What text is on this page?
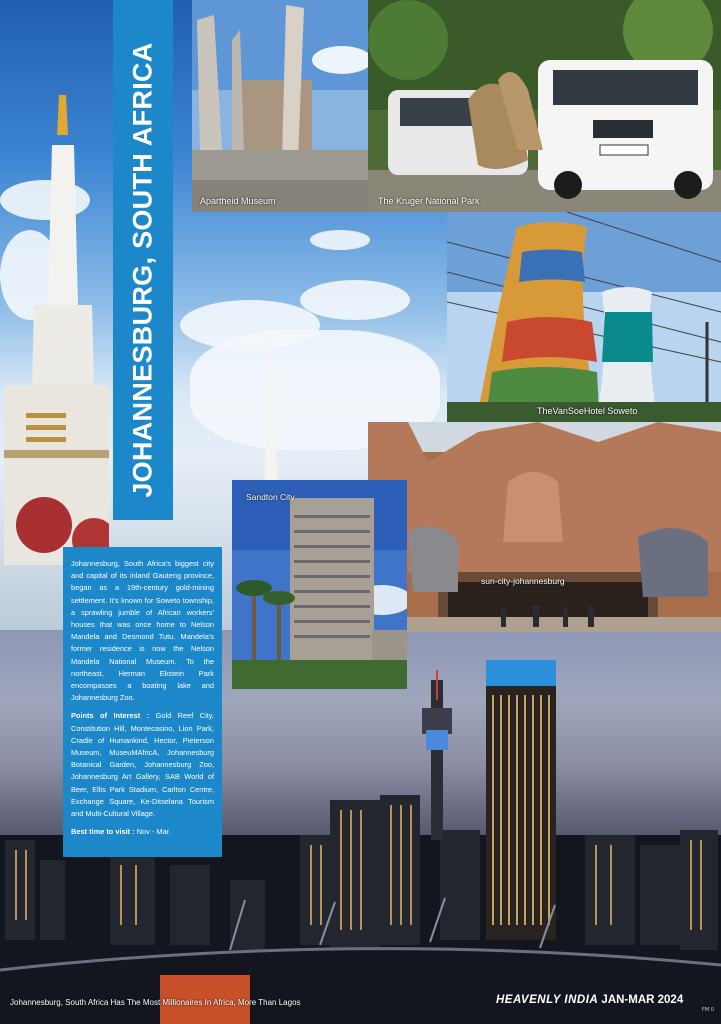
JOHANNESBURG, SOUTH AFRICA	Apartheid Museum	The Kruger National Park
TheVanSoeHotel Soweto
sun-city-johannesburg
Sandton City

Johannesburg, South Africa's biggest city and capital of its inland Gauteng province, began as a 19th-century gold-mining settlement. It's known for Soweto township, a sprawling jumble of African workers' houses that was once home to Nelson Mandela and Desmond Tutu. Mandela's former residence is now the Nelson Mandela National Museum. To the northeast, Herman Ekstein Park encompasses a boating lake and Johannesburg Zoo.

Points of Interest : Gold Reef City, Constitution Hill, Montecasino, Lion Park, Cradle of Humankind, Hector, Pieterson Museum, MuseuMAfricA, Johannesburg Botanical Garden, Johannesburg Zoo, Johannesburg Art Gallery, SAB World of Beer, Ellis Park Stadium, Carlton Centre, Exchange Square, Ke-Ditselana Tourism and Multi-Cultural Village.

Best time to visit : Nov - Mar.

Johannesburg, South Africa Has The Most Millionaires In Africa, More Than Lagos	HEAVENLY INDIA JAN-MAR 2024
FM 0
